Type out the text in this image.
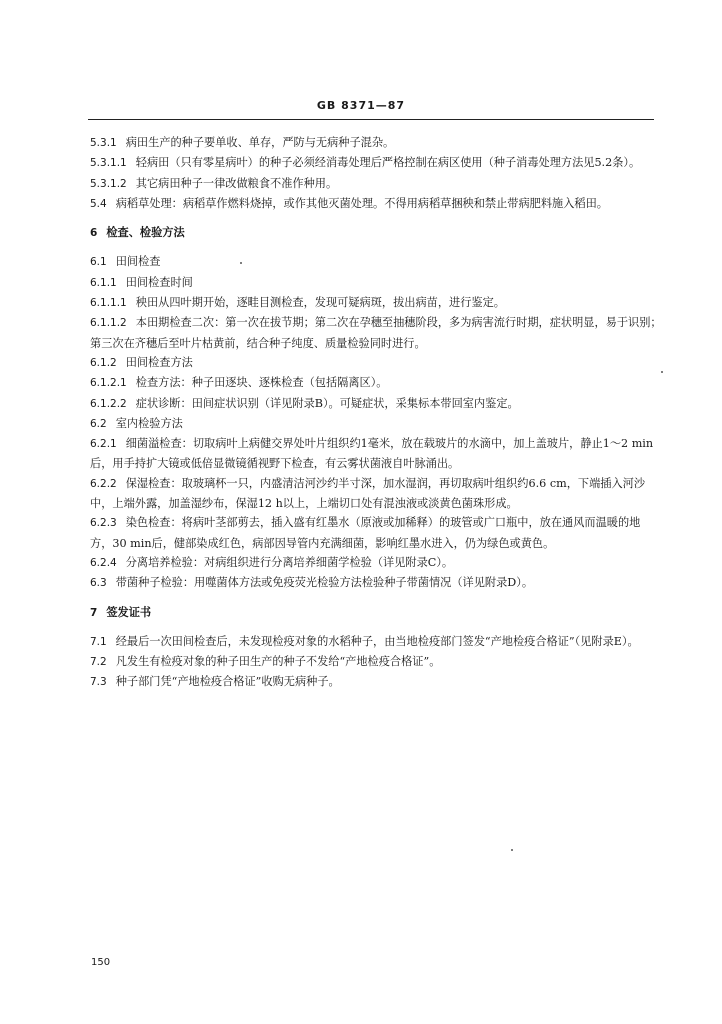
GB 8371—87

5.3.1 病田生产的种子要单收、单存，严防与无病种子混杂。

5.3.1.1 轻病田（只有零星病叶）的种子必须经消毒处理后严格控制在病区使用（种子消毒处理方法见5.2条）。

5.3.1.2 其它病田种子一律改做粮食不准作种用。

5.4 病稻草处理：病稻草作燃料烧掉，或作其他灭菌处理。不得用病稻草捆秧和禁止带病肥料施入稻田。

6 检查、检验方法

6.1 田间检查

6.1.1 田间检查时间

6.1.1.1 秧田从四叶期开始，逐畦目测检查，发现可疑病斑，拔出病苗，进行鉴定。

6.1.1.2 本田期检查二次：第一次在拔节期；第二次在孕穗至抽穗阶段，多为病害流行时期，症状明显，易于识别；第三次在齐穗后至叶片枯黄前，结合种子纯度、质量检验同时进行。

6.1.2 田间检查方法

6.1.2.1 检查方法：种子田逐块、逐株检查（包括隔离区）。

6.1.2.2 症状诊断：田间症状识别（详见附录B）。可疑症状，采集标本带回室内鉴定。

6.2 室内检验方法

6.2.1 细菌溢检查：切取病叶上病健交界处叶片组织约1毫米，放在载玻片的水滴中，加上盖玻片，静止1～2 min后，用手持扩大镜或低倍显微镜循视野下检查，有云雾状菌液自叶脉涌出。

6.2.2 保湿检查：取玻璃杯一只，内盛清洁河沙约半寸深，加水湿润，再切取病叶组织约6.6 cm，下端插入河沙中，上端外露，加盖湿纱布，保湿12 h以上，上端切口处有混浊液或淡黄色菌珠形成。

6.2.3 染色检查：将病叶茎部剪去，插入盛有红墨水（原液或加稀释）的玻管或广口瓶中，放在通风而温暖的地方，30 min后，健部染成红色，病部因导管内充满细菌，影响红墨水进入，仍为绿色或黄色。

6.2.4 分离培养检验：对病组织进行分离培养细菌学检验（详见附录C）。

6.3 带菌种子检验：用噬菌体方法或免疫荧光检验方法检验种子带菌情况（详见附录D）。

7 签发证书

7.1 经最后一次田间检查后，未发现检疫对象的水稻种子，由当地检疫部门签发“产地检疫合格证”（见附录E）。

7.2 凡发生有检疫对象的种子田生产的种子不发给“产地检疫合格证”。

7.3 种子部门凭“产地检疫合格证”收购无病种子。

150
